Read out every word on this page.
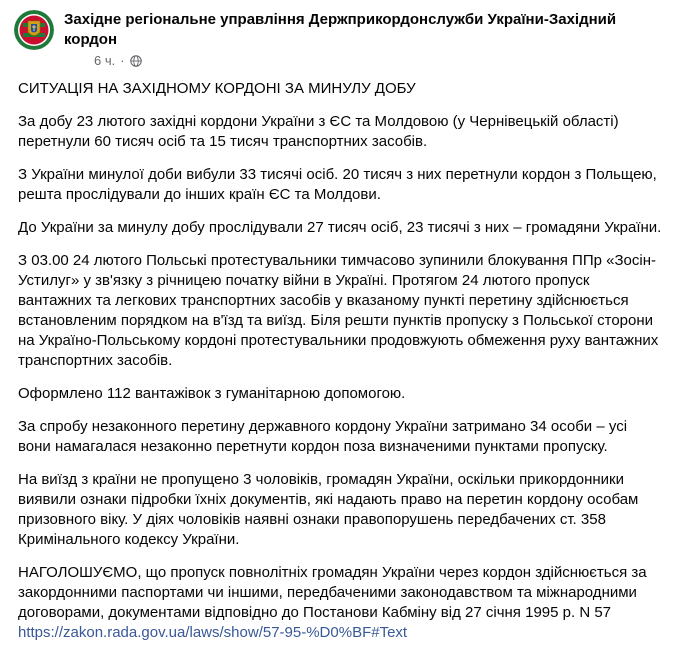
Західне регіональне управління Держприкордонслужби України-Західний кордон
6 ч. ·

СИТУАЦІЯ НА ЗАХІДНОМУ КОРДОНІ ЗА МИНУЛУ ДОБУ

За добу 23 лютого західні кордони України з ЄС та Молдовою (у Чернівецькій області) перетнули 60 тисяч осіб та 15 тисяч транспортних засобів.

З України минулої доби вибули 33 тисячі осіб. 20 тисяч з них перетнули кордон з Польщею, решта прослідували до інших країн ЄС та Молдови.

До України за минулу добу прослідували 27 тисяч осіб, 23 тисячі з них – громадяни України.

З 03.00 24 лютого Польські протестувальники тимчасово зупинили блокування ППр «Зосін-Устилуг» у зв'язку з річницею початку війни в Україні. Протягом 24 лютого пропуск вантажних та легкових транспортних засобів у вказаному пункті перетину здійснюється встановленим порядком на в'їзд та виїзд. Біля решти пунктів пропуску з Польської сторони на Україно-Польському кордоні протестувальники продовжують обмеження руху вантажних транспортних засобів.

Оформлено 112 вантажівок з гуманітарною допомогою.

За спробу незаконного перетину державного кордону України затримано 34 особи – усі вони намагалася незаконно перетнути кордон поза визначеними пунктами пропуску.

На виїзд з країни не пропущено 3 чоловіків, громадян України, оскільки прикордонники виявили ознаки підробки їхніх документів, які надають право на перетин кордону особам призовного віку. У діях чоловіків наявні ознаки правопорушень передбачених ст. 358 Кримінального кодексу України.

НАГОЛОШУЄМО, що пропуск повнолітніх громадян України через кордон здійснюється за закордонними паспортами чи іншими, передбаченими законодавством та міжнародними договорами, документами відповідно до Постанови Кабміну від 27 січня 1995 р. N 57
https://zakon.rada.gov.ua/laws/show/57-95-%D0%BF#Text
